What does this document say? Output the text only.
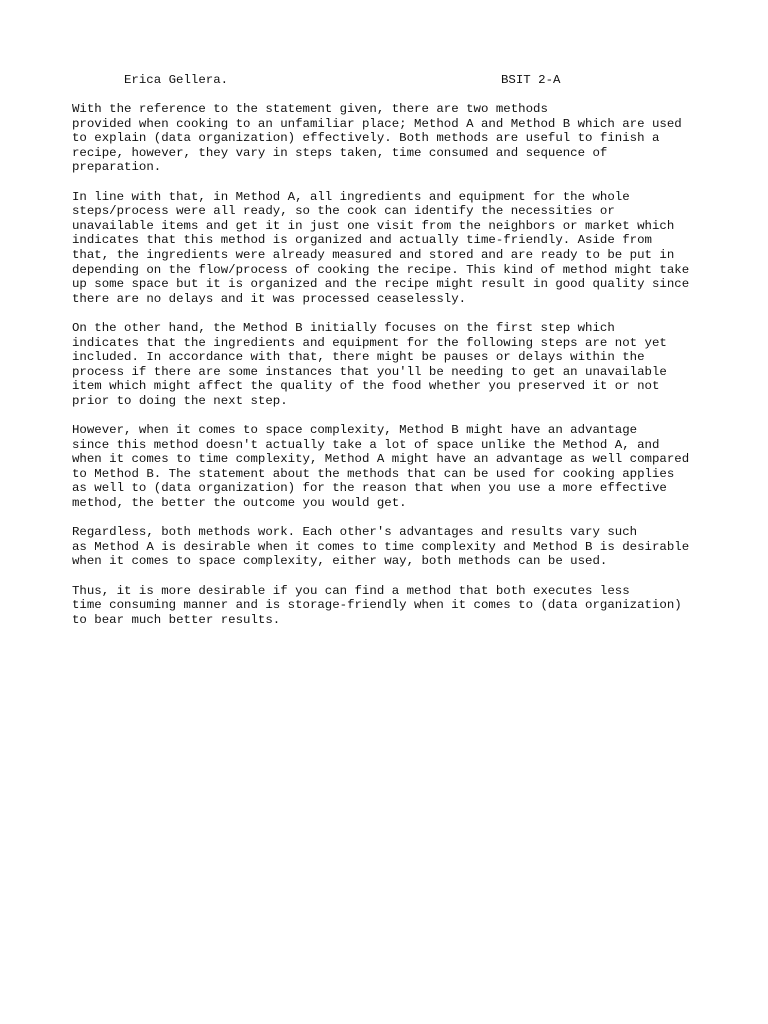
Erica Gellera.	BSIT 2-A

With the reference to the statement given, there are two methods
provided when cooking to an unfamiliar place; Method A and Method B which are used
to explain (data organization) effectively. Both methods are useful to finish a
recipe, however, they vary in steps taken, time consumed and sequence of
preparation.

In line with that, in Method A, all ingredients and equipment for the whole
steps/process were all ready, so the cook can identify the necessities or
unavailable items and get it in just one visit from the neighbors or market which
indicates that this method is organized and actually time-friendly. Aside from
that, the ingredients were already measured and stored and are ready to be put in
depending on the flow/process of cooking the recipe. This kind of method might take
up some space but it is organized and the recipe might result in good quality since
there are no delays and it was processed ceaselessly.

On the other hand, the Method B initially focuses on the first step which
indicates that the ingredients and equipment for the following steps are not yet
included. In accordance with that, there might be pauses or delays within the
process if there are some instances that you'll be needing to get an unavailable
item which might affect the quality of the food whether you preserved it or not
prior to doing the next step.

However, when it comes to space complexity, Method B might have an advantage
since this method doesn't actually take a lot of space unlike the Method A, and
when it comes to time complexity, Method A might have an advantage as well compared
to Method B. The statement about the methods that can be used for cooking applies
as well to (data organization) for the reason that when you use a more effective
method, the better the outcome you would get.

Regardless, both methods work. Each other's advantages and results vary such
as Method A is desirable when it comes to time complexity and Method B is desirable
when it comes to space complexity, either way, both methods can be used.

Thus, it is more desirable if you can find a method that both executes less
time consuming manner and is storage-friendly when it comes to (data organization)
to bear much better results.
